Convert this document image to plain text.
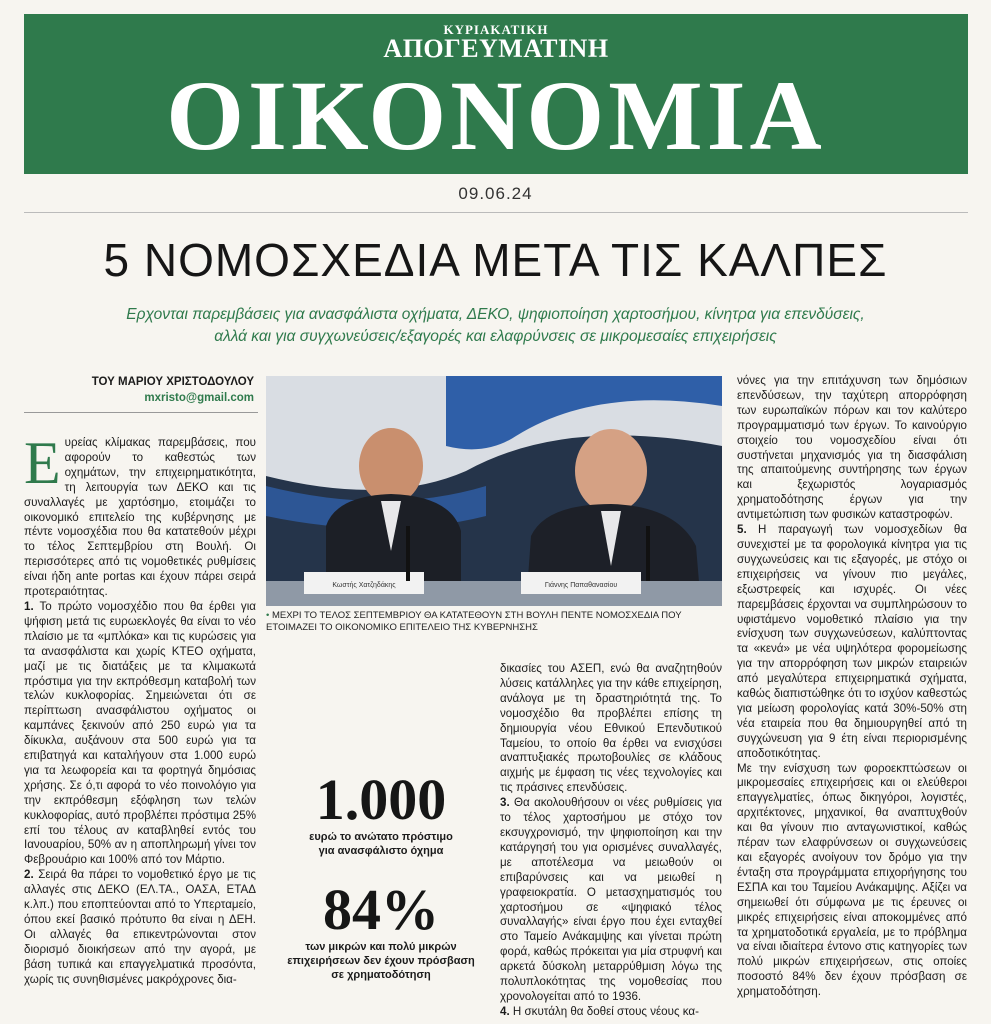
ΚΥΡΙΑΚΑΤΙΚΗ
ΑΠΟΓΕΥΜΑΤΙΝΗ
ΟΙΚΟΝΟΜΙΑ
09.06.24
5 ΝΟΜΟΣΧΕΔΙΑ ΜΕΤΑ ΤΙΣ ΚΑΛΠΕΣ
Ερχονται παρεμβάσεις για ανασφάλιστα οχήματα, ΔΕΚΟ, ψηφιοποίηση χαρτοσήμου, κίνητρα για επενδύσεις,
αλλά και για συγχωνεύσεις/εξαγορές και ελαφρύνσεις σε μικρομεσαίες επιχειρήσεις
ΤΟΥ ΜΑΡΙΟΥ ΧΡΙΣΤΟΔΟΥΛΟΥ
mxristo@gmail.com

Ευρείας κλίμακας παρεμβάσεις, που αφορούν το καθεστώς των οχημάτων, την επιχειρηματικότητα, τη λειτουργία των ΔΕΚΟ και τις συναλλαγές με χαρτόσημο, ετοιμάζει το οικονομικό επιτελείο της κυβέρνησης με πέντε νομοσχέδια που θα κατατεθούν μέχρι το τέλος Σεπτεμβρίου στη Βουλή. Οι περισσότερες από τις νομοθετικές ρυθμίσεις είναι ήδη ante portas και έχουν πάρει σειρά προτεραιότητας.

1. Το πρώτο νομοσχέδιο που θα έρθει για ψήφιση μετά τις ευρωεκλογές θα είναι το νέο πλαίσιο με τα «μπλόκα» και τις κυρώσεις για τα ανασφάλιστα και χωρίς ΚΤΕΟ οχήματα, μαζί με τις διατάξεις με τα κλιμακωτά πρόστιμα για την εκπρόθεσμη καταβολή των τελών κυκλοφορίας. Σημειώνεται ότι σε περίπτωση ανασφάλιστου οχήματος οι καμπάνες ξεκινούν από 250 ευρώ για τα δίκυκλα, αυξάνουν στα 500 ευρώ για τα επιβατηγά και καταλήγουν στα 1.000 ευρώ για τα λεωφορεία και τα φορτηγά δημόσιας χρήσης. Σε ό,τι αφορά το νέο ποινολόγιο για την εκπρόθεσμη εξόφληση των τελών κυκλοφορίας, αυτό προβλέπει πρόστιμα 25% επί του τέλους αν καταβληθεί εντός του Ιανουαρίου, 50% αν η αποπληρωμή γίνει τον Φεβρουάριο και 100% από τον Μάρτιο.

2. Σειρά θα πάρει το νομοθετικό έργο με τις αλλαγές στις ΔΕΚΟ (ΕΛ.ΤΑ., ΟΑΣΑ, ΕΤΑΔ κ.λπ.) που εποπτεύονται από το Υπερταμείο, όπου εκεί βασικό πρότυπο θα είναι η ΔΕΗ. Οι αλλαγές θα επικεντρώνονται στον διορισμό διοικήσεων από την αγορά, με βάση τυπικά και επαγγελματικά προσόντα, χωρίς τις συνηθισμένες μακρόχρονες δια-

Κωστής Χατζηδάκης	Γιάννης Παπαθανασίου
• ΜΕΧΡΙ ΤΟ ΤΕΛΟΣ ΣΕΠΤΕΜΒΡΙΟΥ ΘΑ ΚΑΤΑΤΕΘΟΥΝ ΣΤΗ ΒΟΥΛΗ ΠΕΝΤΕ ΝΟΜΟΣΧΕΔΙΑ ΠΟΥ ΕΤΟΙΜΑΖΕΙ ΤΟ ΟΙΚΟΝΟΜΙΚΟ ΕΠΙΤΕΛΕΙΟ ΤΗΣ ΚΥΒΕΡΝΗΣΗΣ
1.000
ευρώ το ανώτατο πρόστιμο
για ανασφάλιστο όχημα
84%
των μικρών και πολύ μικρών
επιχειρήσεων δεν έχουν πρόσβαση
σε χρηματοδότηση

δικασίες του ΑΣΕΠ, ενώ θα αναζητηθούν λύσεις κατάλληλες για την κάθε επιχείρηση, ανάλογα με τη δραστηριότητά της. Το νομοσχέδιο θα προβλέπει επίσης τη δημιουργία νέου Εθνικού Επενδυτικού Ταμείου, το οποίο θα έρθει να ενισχύσει αναπτυξιακές πρωτοβουλίες σε κλάδους αιχμής με έμφαση τις νέες τεχνολογίες και τις πράσινες επενδύσεις.

3. Θα ακολουθήσουν οι νέες ρυθμίσεις για το τέλος χαρτοσήμου με στόχο τον εκσυγχρονισμό, την ψηφιοποίηση και την κατάργησή του για ορισμένες συναλλαγές, με αποτέλεσμα να μειωθούν οι επιβαρύνσεις και να μειωθεί η γραφειοκρατία. Ο μετασχηματισμός του χαρτοσήμου σε «ψηφιακό τέλος συναλλαγής» είναι έργο που έχει ενταχθεί στο Ταμείο Ανάκαμψης και γίνεται πρώτη φορά, καθώς πρόκειται για μία στρυφνή και αρκετά δύσκολη μεταρρύθμιση λόγω της πολυπλοκότητας της νομοθεσίας που χρονολογείται από το 1936.

4. Η σκυτάλη θα δοθεί στους νέους κα-

νόνες για την επιτάχυνση των δημόσιων επενδύσεων, την ταχύτερη απορρόφηση των ευρωπαϊκών πόρων και τον καλύτερο προγραμματισμό των έργων. Το καινούργιο στοιχείο του νομοσχεδίου είναι ότι συστήνεται μηχανισμός για τη διασφάλιση της απαιτούμενης συντήρησης των έργων και ξεχωριστός λογαριασμός χρηματοδότησης έργων για την αντιμετώπιση των φυσικών καταστροφών.

5. Η παραγωγή των νομοσχεδίων θα συνεχιστεί με τα φορολογικά κίνητρα για τις συγχωνεύσεις και τις εξαγορές, με στόχο οι επιχειρήσεις να γίνουν πιο μεγάλες, εξωστρεφείς και ισχυρές. Οι νέες παρεμβάσεις έρχονται να συμπληρώσουν το υφιστάμενο νομοθετικό πλαίσιο για την ενίσχυση των συγχωνεύσεων, καλύπτοντας τα «κενά» με νέα υψηλότερα φορομείωσης για την απορρόφηση των μικρών εταιρειών από μεγαλύτερα επιχειρηματικά σχήματα, καθώς διαπιστώθηκε ότι το ισχύον καθεστώς για μείωση φορολογίας κατά 30%-50% στη νέα εταιρεία που θα δημιουργηθεί από τη συγχώνευση για 9 έτη είναι περιορισμένης αποδοτικότητας.

Με την ενίσχυση των φοροεκπτώσεων οι μικρομεσαίες επιχειρήσεις και οι ελεύθεροι επαγγελματίες, όπως δικηγόροι, λογιστές, αρχιτέκτονες, μηχανικοί, θα αναπτυχθούν και θα γίνουν πιο ανταγωνιστικοί, καθώς πέραν των ελαφρύνσεων οι συγχωνεύσεις και εξαγορές ανοίγουν τον δρόμο για την ένταξη στα προγράμματα επιχορήγησης του ΕΣΠΑ και του Ταμείου Ανάκαμψης. Αξίζει να σημειωθεί ότι σύμφωνα με τις έρευνες οι μικρές επιχειρήσεις είναι αποκομμένες από τα χρηματοδοτικά εργαλεία, με το πρόβλημα να είναι ιδιαίτερα έντονο στις κατηγορίες των πολύ μικρών επιχειρήσεων, στις οποίες ποσοστό 84% δεν έχουν πρόσβαση σε χρηματοδότηση.
